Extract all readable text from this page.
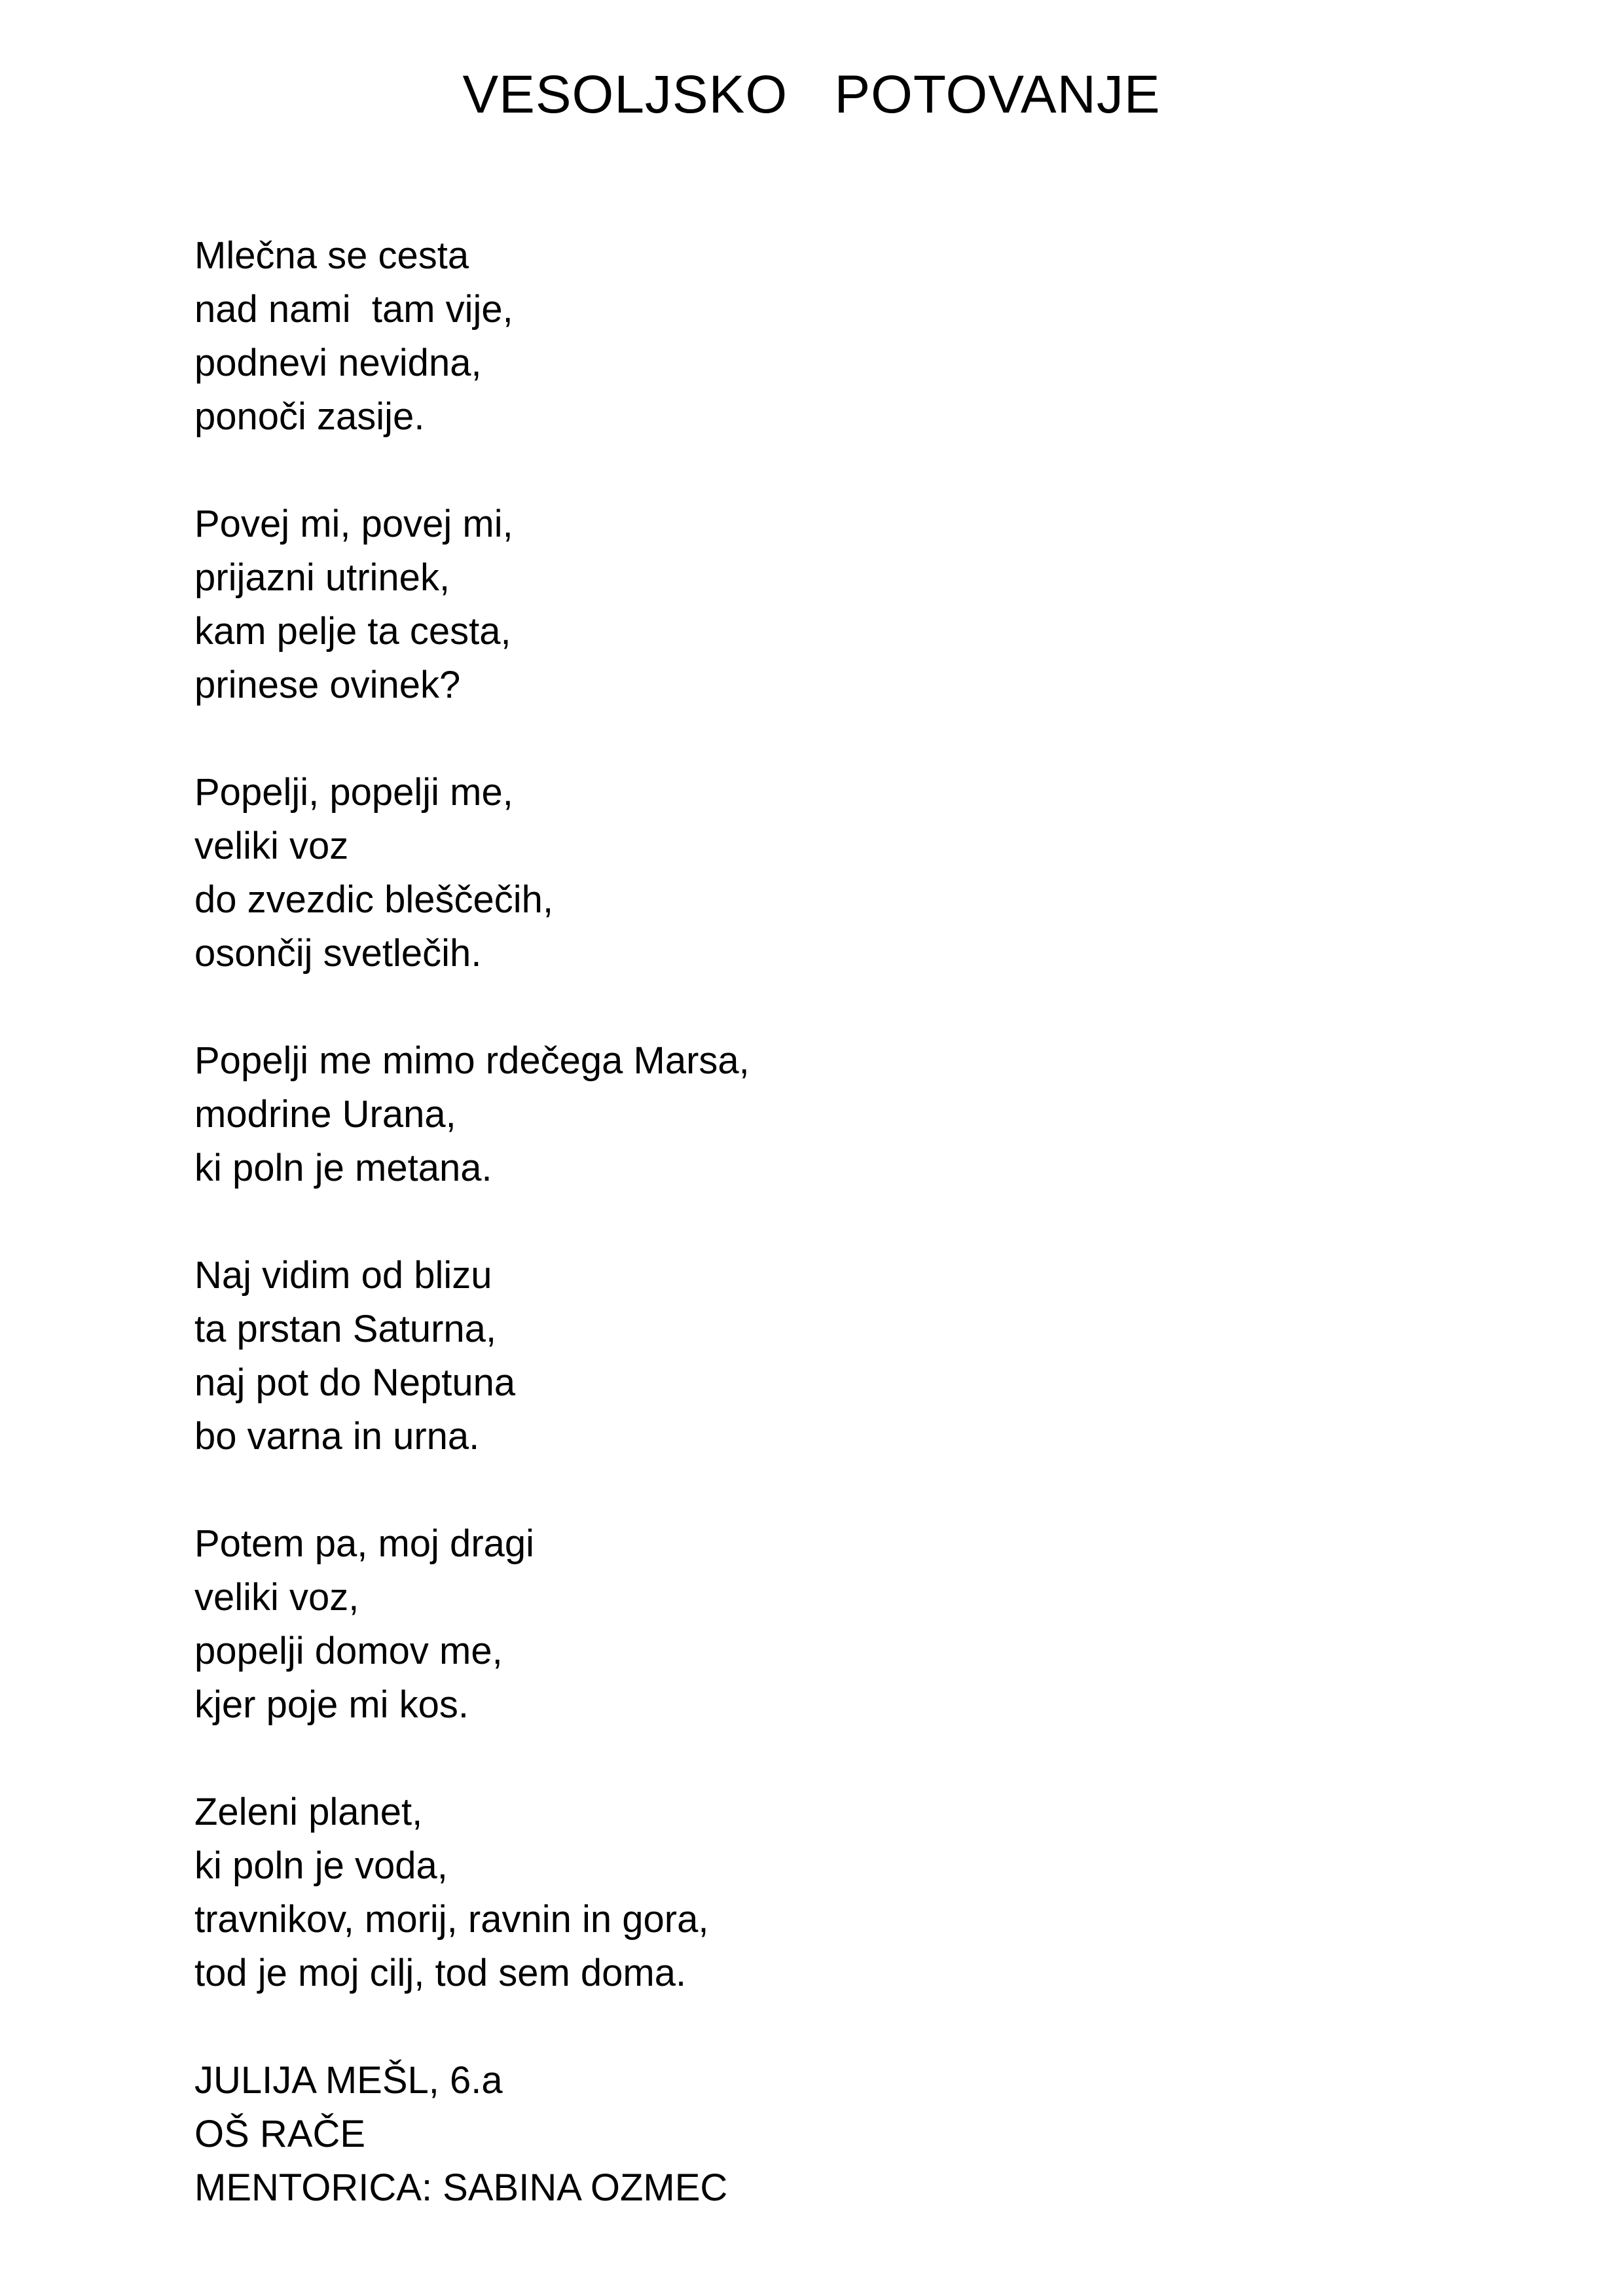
VESOLJSKO   POTOVANJE
Mlečna se cesta
nad nami  tam vije,
podnevi nevidna,
ponoči zasije.
Povej mi, povej mi,
prijazni utrinek,
kam pelje ta cesta,
prinese ovinek?
Popelji, popelji me,
veliki voz
do zvezdic bleščečih,
osončij svetlečih.
Popelji me mimo rdečega Marsa,
modrine Urana,
ki poln je metana.
Naj vidim od blizu
ta prstan Saturna,
naj pot do Neptuna
bo varna in urna.
Potem pa, moj dragi
veliki voz,
popelji domov me,
kjer poje mi kos.
Zeleni planet,
ki poln je voda,
travnikov, morij, ravnin in gora,
tod je moj cilj, tod sem doma.
JULIJA MEŠL, 6.a
OŠ RAČE
MENTORICA: SABINA OZMEC
